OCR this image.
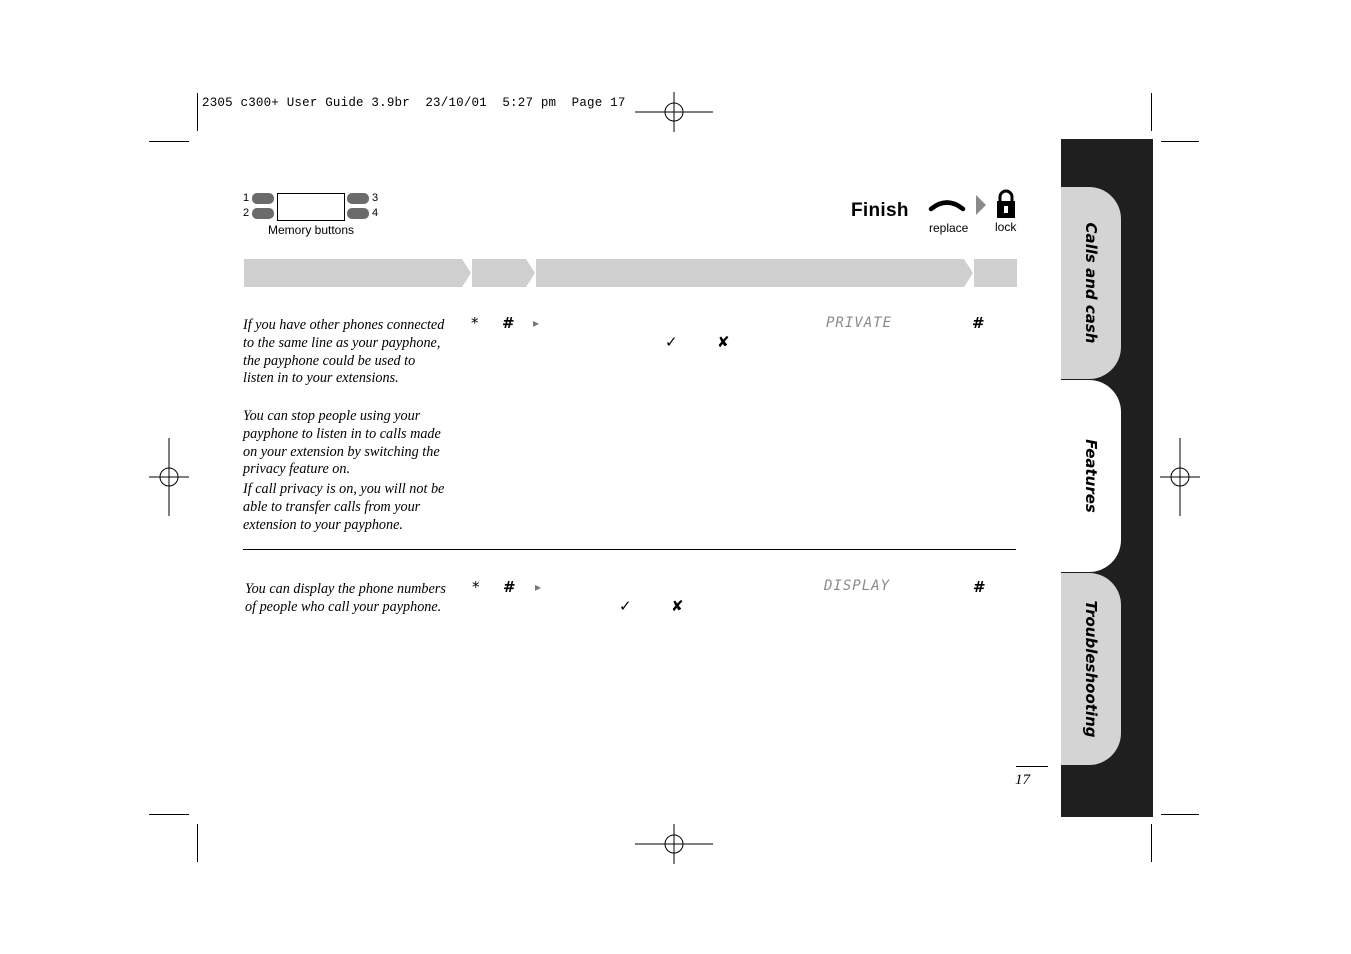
2305 c300+ User Guide 3.9br  23/10/01  5:27 pm  Page 17
1
2
3
4
Memory buttons
Finish
replace lock
If you have other phones connected to the same line as your payphone, the payphone could be used to listen in to your extensions.
You can stop people using your payphone to listen in to calls made on your extension by switching the privacy feature on.
If call privacy is on, you will not be able to transfer calls from your extension to your payphone.
* # ▸	PRIVATE	#
✓	✘
You can display the phone numbers of people who call your payphone.
* # ▸	DISPLAY	#
✓	✘
Calls and cash
Features
Troubleshooting
17
